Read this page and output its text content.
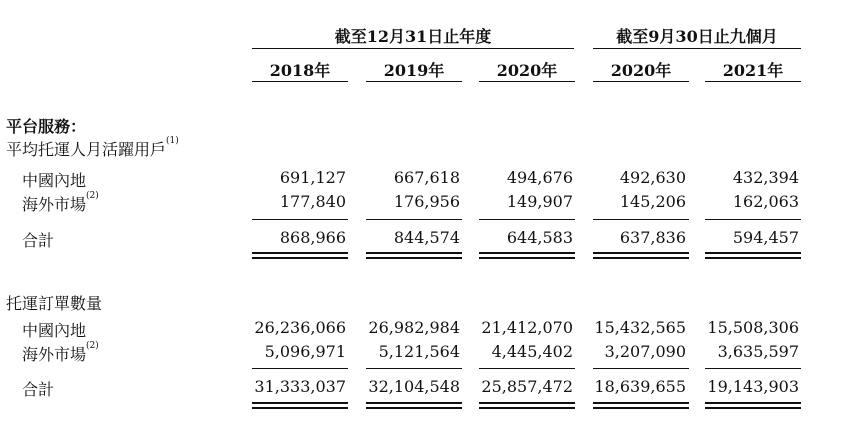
截至12月31日止年度	截至9月30日止九個月
2018年	2019年	2020年	2020年	2021年
平台服務：
平均托運人月活躍用戶$^{(1)}$
中國內地	691,127	667,618	494,676	492,630	432,394
海外市場$^{(2)}$	177,840	176,956	149,907	145,206	162,063
合計	868,966	844,574	644,583	637,836	594,457
托運訂單數量
中國內地	26,236,066	26,982,984	21,412,070	15,432,565	15,508,306
海外市場$^{(2)}$	5,096,971	5,121,564	4,445,402	3,207,090	3,635,597
合計	31,333,037	32,104,548	25,857,472	18,639,655	19,143,903
